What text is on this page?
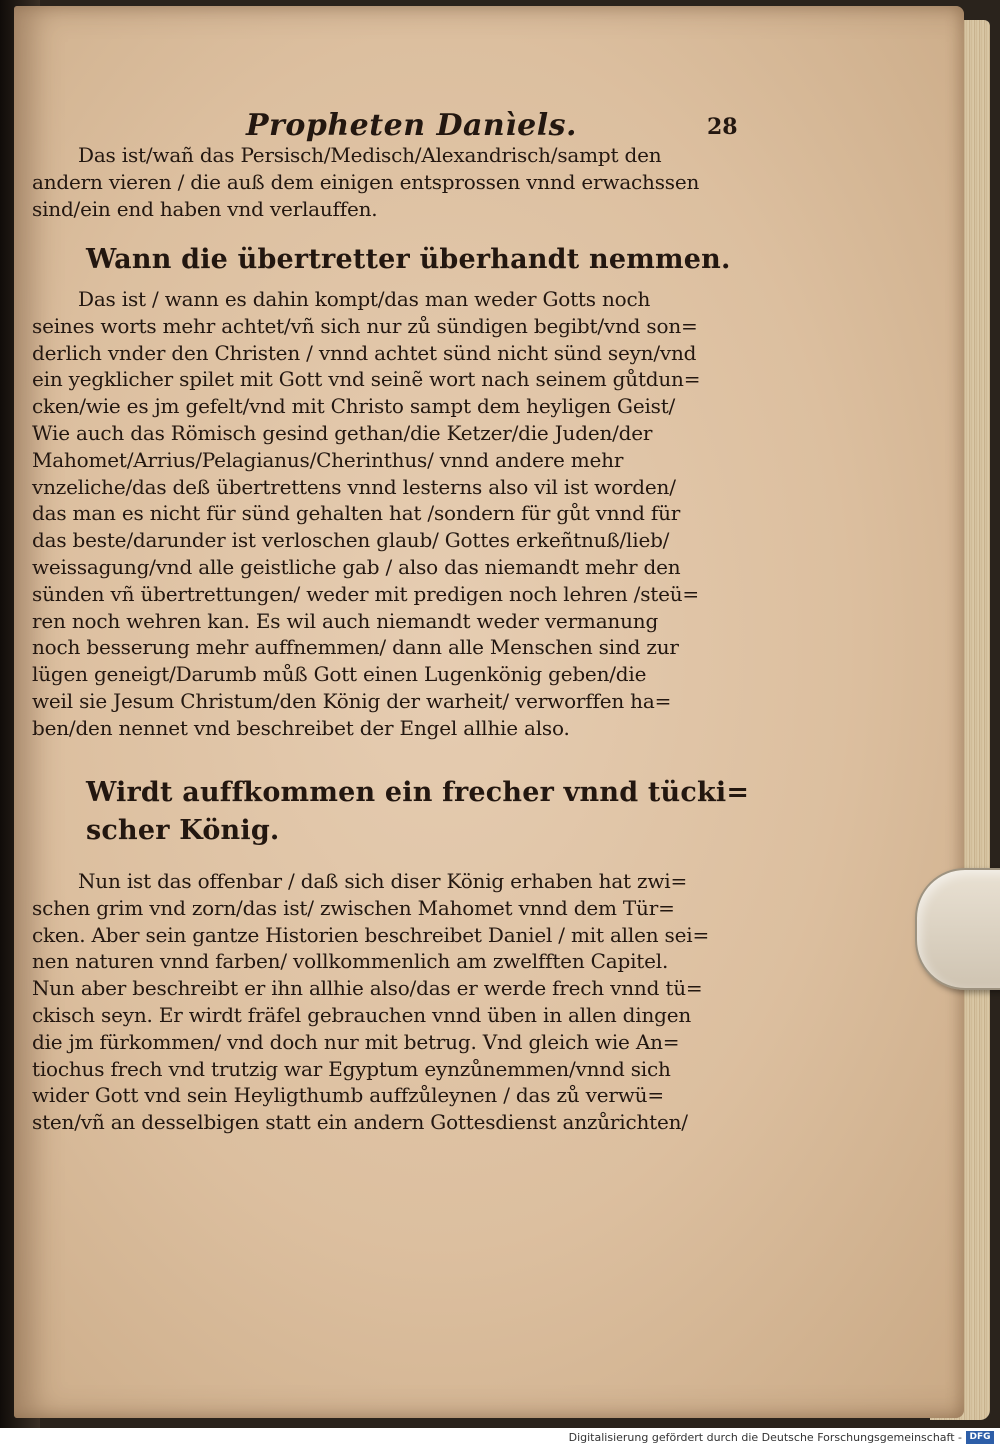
Propheten Danìels.	28
Das ist/wañ das Persisch/Medisch/Alexandrisch/sampt den
andern vieren / die auß dem einigen entsprossen vnnd erwachssen
sind/ein end haben vnd verlauffen.
Wann die übertretter überhandt nemmen.
Das ist / wann es dahin kompt/das man weder Gotts noch
seines worts mehr achtet/vñ sich nur zů sündigen begibt/vnd son=
derlich vnder den Christen / vnnd achtet sünd nicht sünd seyn/vnd
ein yegklicher spilet mit Gott vnd seinẽ wort nach seinem gůtdun=
cken/wie es jm gefelt/vnd mit Christo sampt dem heyligen Geist/
Wie auch das Römisch gesind gethan/die Ketzer/die Juden/der
Mahomet/Arrius/Pelagianus/Cherinthus/ vnnd andere mehr
vnzeliche/das deß übertrettens vnnd lesterns also vil ist worden/
das man es nicht für sünd gehalten hat /sondern für gůt vnnd für
das beste/darunder ist verloschen glaub/ Gottes erkeñtnuß/lieb/
weissagung/vnd alle geistliche gab / also das niemandt mehr den
sünden vñ übertrettungen/ weder mit predigen noch lehren /steü=
ren noch wehren kan. Es wil auch niemandt weder vermanung
noch besserung mehr auffnemmen/ dann alle Menschen sind zur
lügen geneigt/Darumb můß Gott einen Lugenkönig geben/die
weil sie Jesum Christum/den König der warheit/ verworffen ha=
ben/den nennet vnd beschreibet der Engel allhie also.
Wirdt auffkommen ein frecher vnnd tücki=
scher König.
Nun ist das offenbar / daß sich diser König erhaben hat zwi=
schen grim vnd zorn/das ist/ zwischen Mahomet vnnd dem Tür=
cken. Aber sein gantze Historien beschreibet Daniel / mit allen sei=
nen naturen vnnd farben/ vollkommenlich am zwelfften Capitel.
Nun aber beschreibt er ihn allhie also/das er werde frech vnnd tü=
ckisch seyn. Er wirdt fräfel gebrauchen vnnd üben in allen dingen
die jm fürkommen/ vnd doch nur mit betrug. Vnd gleich wie An=
tiochus frech vnd trutzig war Egyptum eynzůnemmen/vnnd sich
wider Gott vnd sein Heyligthumb auffzůleynen / das zů verwü=
sten/vñ an desselbigen statt ein andern Gottesdienst anzůrichten/
Digitalisierung gefördert durch die Deutsche Forschungsgemeinschaft - DFG
